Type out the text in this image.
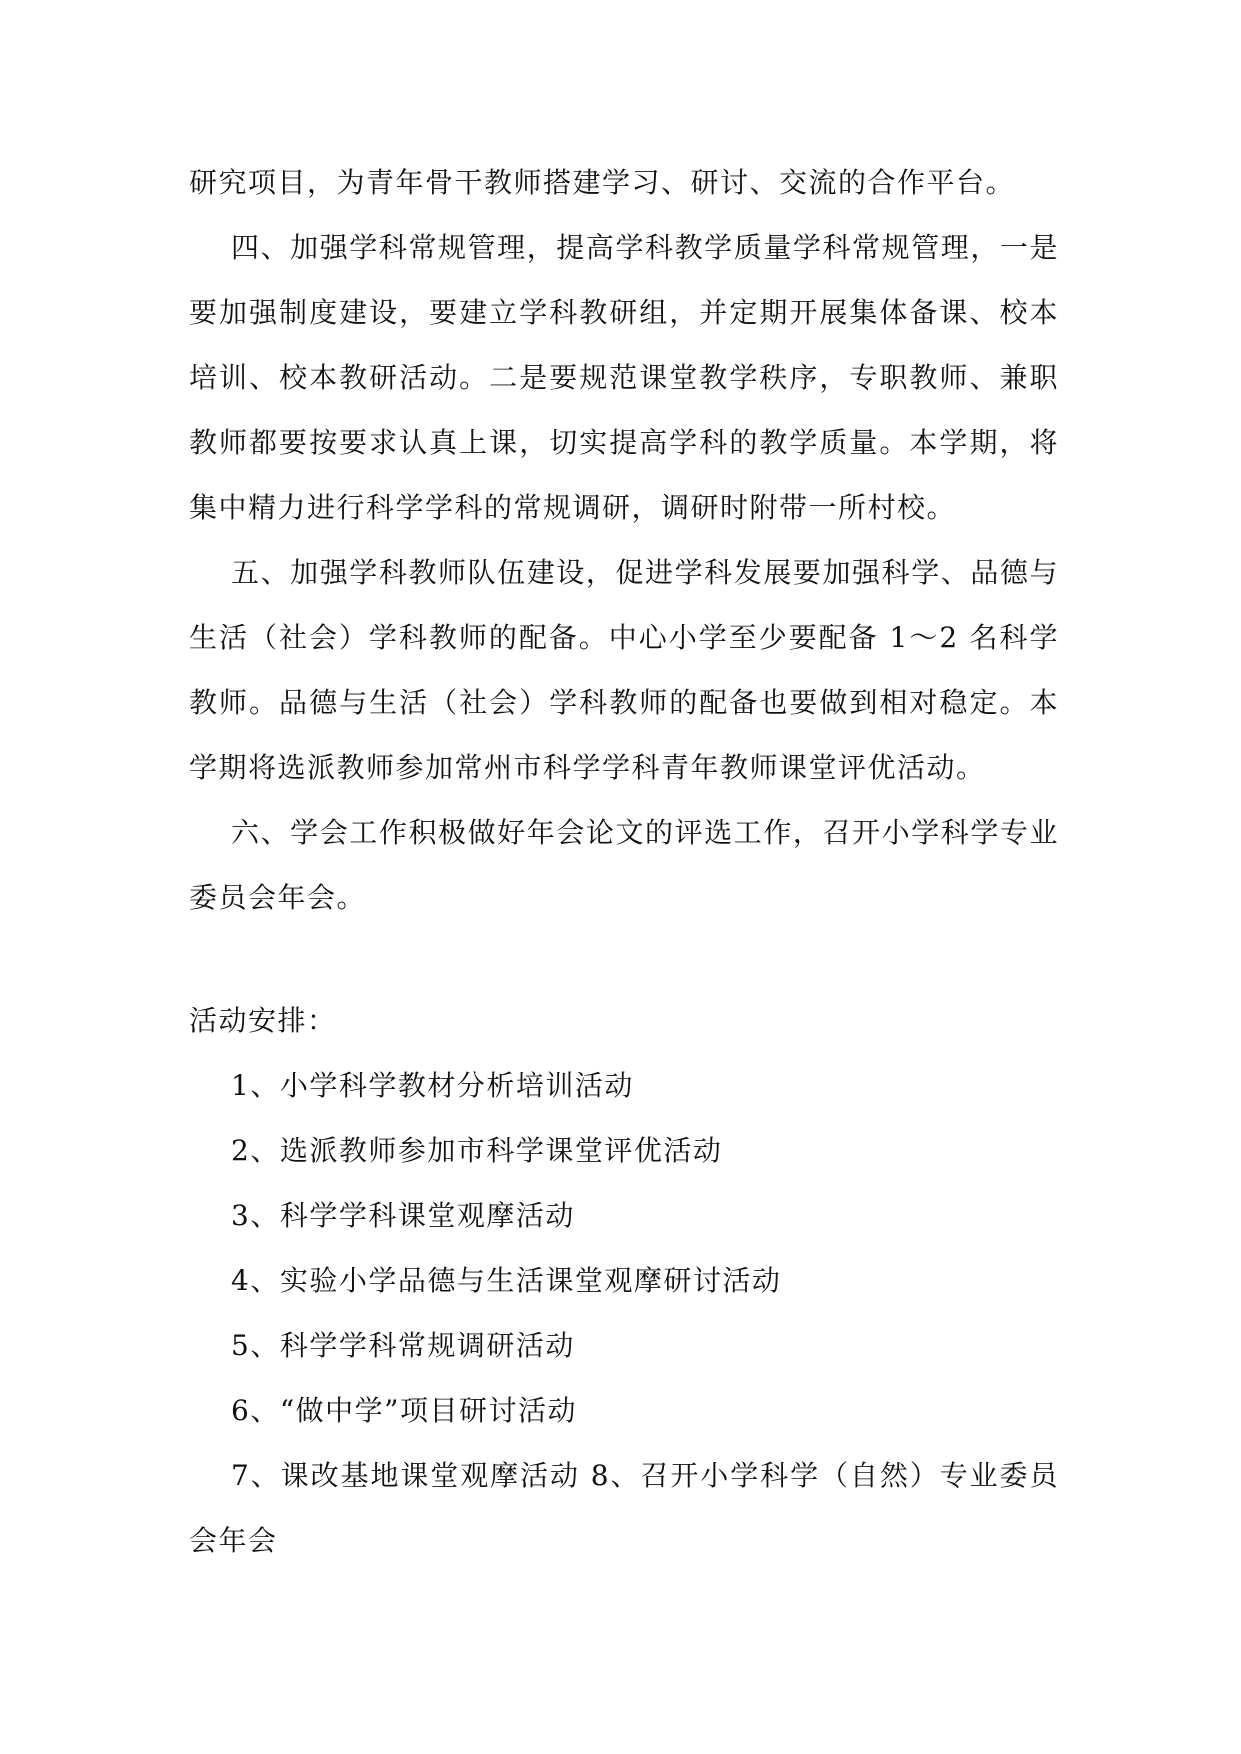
研究项目，为青年骨干教师搭建学习、研讨、交流的合作平台。

四、加强学科常规管理，提高学科教学质量学科常规管理，一是要加强制度建设，要建立学科教研组，并定期开展集体备课、校本培训、校本教研活动。二是要规范课堂教学秩序，专职教师、兼职教师都要按要求认真上课，切实提高学科的教学质量。本学期，将集中精力进行科学学科的常规调研，调研时附带一所村校。

五、加强学科教师队伍建设，促进学科发展要加强科学、品德与生活（社会）学科教师的配备。中心小学至少要配备 1～2 名科学教师。品德与生活（社会）学科教师的配备也要做到相对稳定。本学期将选派教师参加常州市科学学科青年教师课堂评优活动。

六、学会工作积极做好年会论文的评选工作，召开小学科学专业委员会年会。

活动安排：

1、小学科学教材分析培训活动

2、选派教师参加市科学课堂评优活动

3、科学学科课堂观摩活动

4、实验小学品德与生活课堂观摩研讨活动

5、科学学科常规调研活动

6、“做中学”项目研讨活动

7、课改基地课堂观摩活动 8、召开小学科学（自然）专业委员会年会
